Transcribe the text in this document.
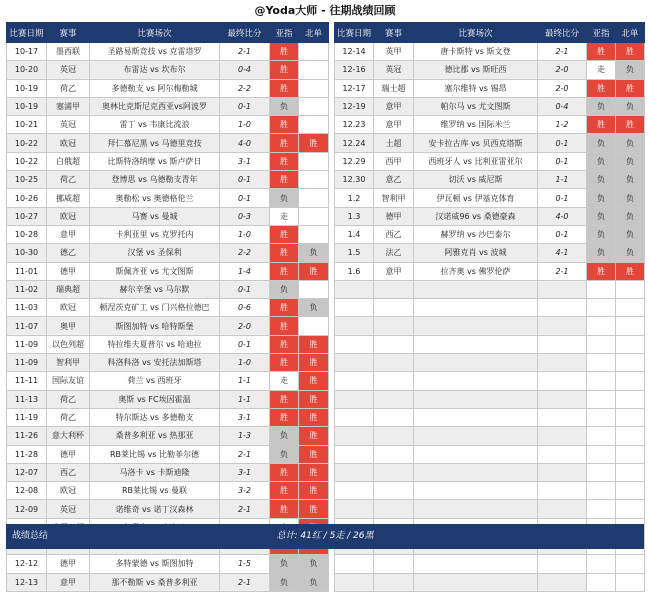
@Yoda大师 - 往期战绩回顾
比赛日期	赛事	比赛场次	最终比分	亚指	北单
10-17	墨西联	圣路易斯竞技 vs 克雷塔罗	2-1	胜	
10-20	英冠	布雷达 vs 坎布尔	0-4	胜	
10-19	荷乙	多德勒支 vs 阿尔梅勒城	2-2	胜	
10-19	塞浦甲	奥林比克斯尼克西亚vs阿波罗	0-1	负	
10-21	英冠	雷丁 vs 韦康比流浪	1-0	胜	
10-22	欧冠	拜仁慕尼黑 vs 马德里竞技	4-0	胜	胜
10-22	白俄超	比斯特洛纳摩 vs 斯卢萨日	3-1	胜	
10-25	荷乙	登博思 vs 乌德勒支青年	0-1	胜	
10-26	挪威超	奥勒松 vs 奥德格伦兰	0-1	负	
10-27	欧冠	马赛 vs 曼城	0-3	走	
10-28	意甲	卡利亚里 vs 克罗托内	1-0	胜	
10-30	德乙	汉堡 vs 圣保利	2-2	胜	负
11-01	德甲	斯佩齐亚 vs 尤文图斯	1-4	胜	胜
11-02	瑞典超	赫尔辛堡 vs 马尔默	0-1	负	
11-03	欧冠	顿涅茨克矿工 vs 门兴格拉德巴	0-6	胜	负
11-07	奥甲	斯图加特 vs 哈特斯堡	2-0	胜	
11-09	以色列超	特拉维夫夏普尔 vs 哈迪拉	0-1	胜	胜
11-09	智利甲	科洛科洛 vs 安托法加斯塔	1-0	胜	胜
11-11	国际友谊	荷兰 vs 西班牙	1-1	走	胜
11-13	荷乙	奥斯 vs FC埃因霍温	1-1	胜	胜
11-19	荷乙	特尔斯达 vs 多德勒支	3-1	胜	胜
11-26	意大利杯	桑普多利亚 vs 热那亚	1-3	负	胜
11-28	德甲	RB莱比锡 vs 比勒菲尔德	2-1	负	胜
12-07	西乙	马洛卡 vs 卡斯迪隆	3-1	胜	胜
12-08	欧冠	RB莱比锡 vs 曼联	3-2	胜	胜
12-09	英冠	诺维奇 vs 诺丁汉森林	2-1	胜	胜

12-12	德甲	多特蒙德 vs 斯图加特	1-5	负	负
12-13	意甲	那不勒斯 vs 桑普多利亚	2-1	负	负
比赛日期	赛事	比赛场次	最终比分	亚指	北单
12-14	英甲	唐卡斯特 vs 斯文登	2-1	胜	胜
12-16	英冠	德比郡 vs 斯旺西	2-0	走	负
12-17	瑞士超	塞尔维特 vs 锡昂	2-0	胜	胜
12-19	意甲	帕尔马 vs 尤文图斯	0-4	负	负
12.23	意甲	维罗纳 vs 国际米兰	1-2	胜	胜
12.24	土超	安卡拉古库 vs 贝西克塔斯	0-1	负	负
12.29	西甲	西班牙人 vs 比利亚雷亚尔	0-1	负	负
12.30	意乙	切沃 vs 威尼斯	1-1	负	负
1.2	智利甲	伊瓦顿 vs 伊基克体育	0-1	负	负
1.3	德甲	汉诺威96 vs 桑德豪森	4-0	负	负
1.4	西乙	赫罗纳 vs 沙巴泰尔	0-1	负	负
1.5	法乙	阿雅克肖 vs 波城	4-1	负	负
1.6	意甲	拉齐奥 vs 佛罗伦萨	2-1	胜	胜

战绩总结	总计: 41红 / 5走 / 26黑
